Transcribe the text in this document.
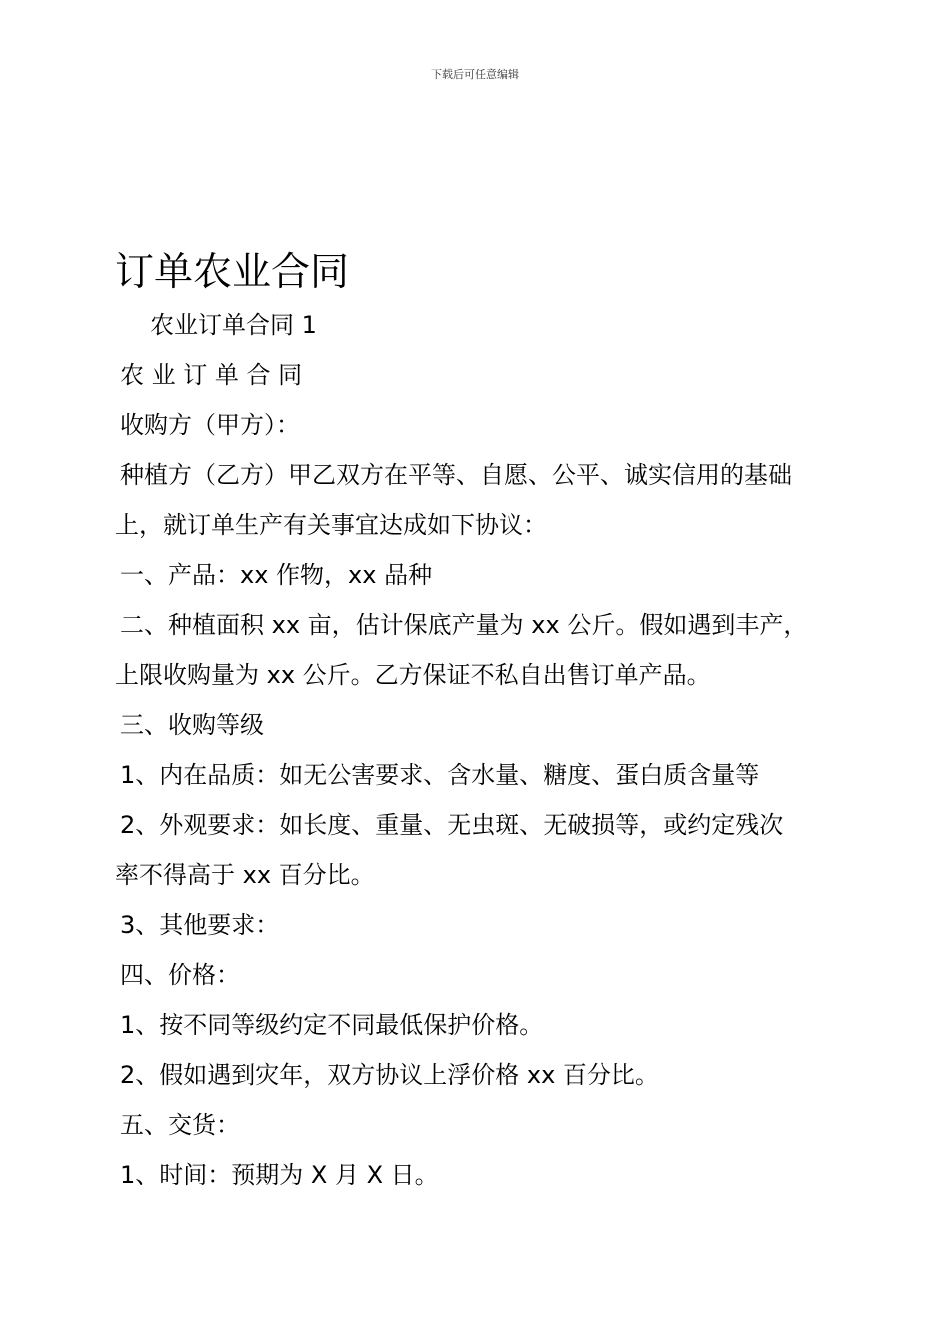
下载后可任意编辑
订单农业合同
农业订单合同 1
农 业 订 单 合 同
收购方（甲方）：
种植方（乙方）甲乙双方在平等、自愿、公平、诚实信用的基础
上，就订单生产有关事宜达成如下协议：
一、产品：xx 作物，xx 品种
二、种植面积 xx 亩，估计保底产量为 xx 公斤。假如遇到丰产，
上限收购量为 xx 公斤。乙方保证不私自出售订单产品。
三、收购等级
1、内在品质：如无公害要求、含水量、糖度、蛋白质含量等
2、外观要求：如长度、重量、无虫斑、无破损等，或约定残次
率不得高于 xx 百分比。
3、其他要求：
四、价格：
1、按不同等级约定不同最低保护价格。
2、假如遇到灾年，双方协议上浮价格 xx 百分比。
五、交货：
1、时间：预期为 X 月 X 日。
